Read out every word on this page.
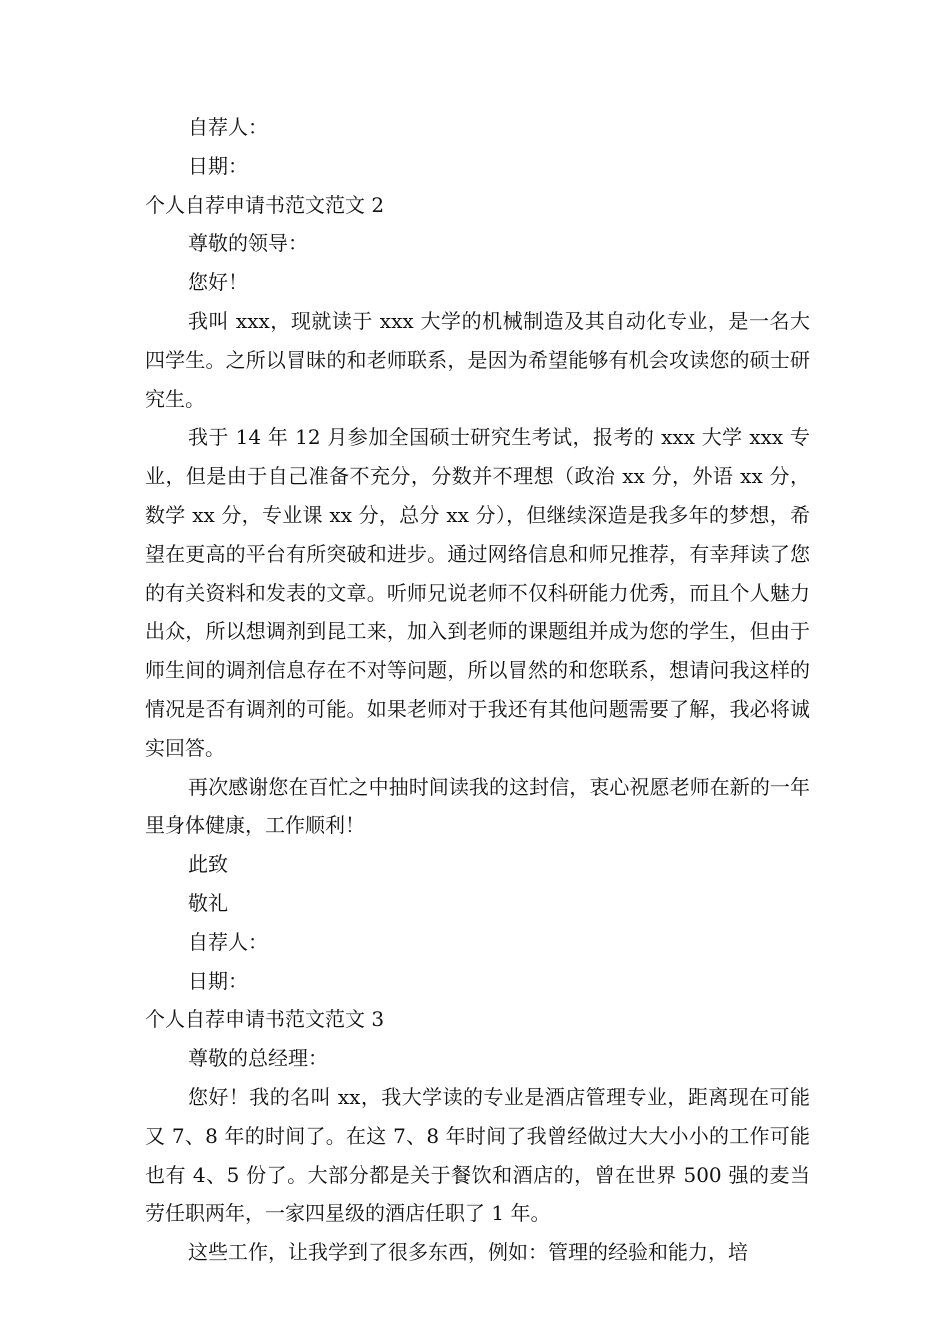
自荐人：

日期：

个人自荐申请书范文范文 2

尊敬的领导：

您好！

我叫 xxx，现就读于 xxx 大学的机械制造及其自动化专业，是一名大四学生。之所以冒昧的和老师联系，是因为希望能够有机会攻读您的硕士研究生。

我于 14 年 12 月参加全国硕士研究生考试，报考的 xxx 大学 xxx 专业，但是由于自己准备不充分，分数并不理想（政治 xx 分，外语 xx 分，数学 xx 分，专业课 xx 分，总分 xx 分），但继续深造是我多年的梦想，希望在更高的平台有所突破和进步。通过网络信息和师兄推荐，有幸拜读了您的有关资料和发表的文章。听师兄说老师不仅科研能力优秀，而且个人魅力出众，所以想调剂到昆工来，加入到老师的课题组并成为您的学生，但由于师生间的调剂信息存在不对等问题，所以冒然的和您联系，想请问我这样的情况是否有调剂的可能。如果老师对于我还有其他问题需要了解，我必将诚实回答。

再次感谢您在百忙之中抽时间读我的这封信，衷心祝愿老师在新的一年里身体健康，工作顺利！

此致

敬礼

自荐人：

日期：

个人自荐申请书范文范文 3

尊敬的总经理：

您好！我的名叫 xx，我大学读的专业是酒店管理专业，距离现在可能又 7、8 年的时间了。在这 7、8 年时间了我曾经做过大大小小的工作可能也有 4、5 份了。大部分都是关于餐饮和酒店的，曾在世界 500 强的麦当劳任职两年，一家四星级的酒店任职了 1 年。

这些工作，让我学到了很多东西，例如：管理的经验和能力，培
